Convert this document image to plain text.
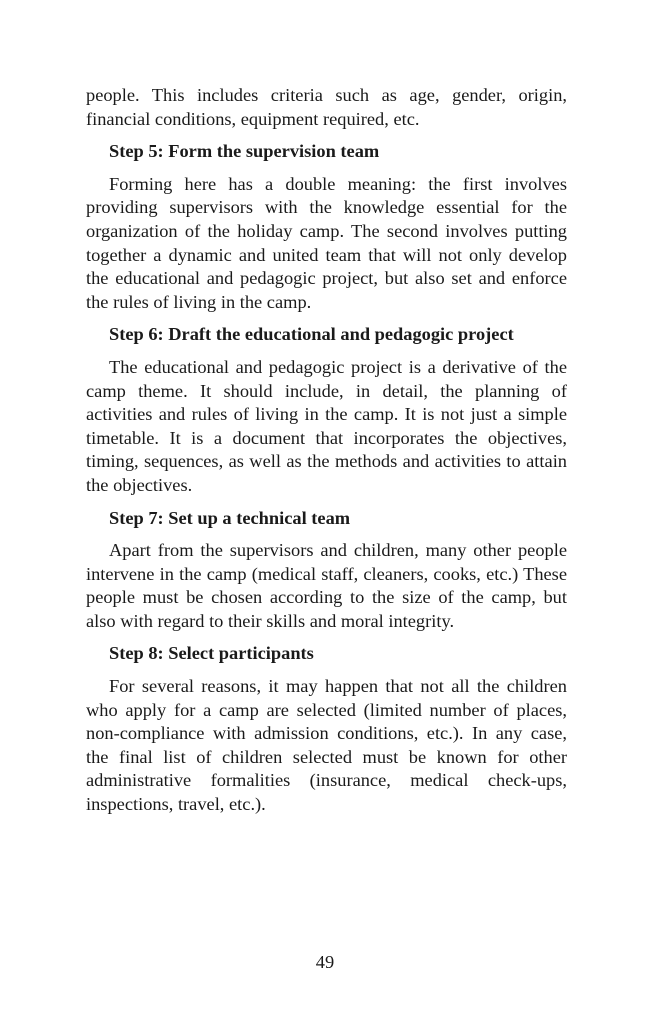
people. This includes criteria such as age, gender, origin, financial conditions, equipment required, etc.

Step 5: Form the supervision team

Forming here has a double meaning: the first involves providing supervisors with the knowledge essential for the organization of the holiday camp. The second involves putting together a dynamic and united team that will not only develop the educational and pedagogic project, but also set and enforce the rules of living in the camp.

Step 6: Draft the educational and pedagogic project

The educational and pedagogic project is a derivative of the camp theme. It should include, in detail, the planning of activities and rules of living in the camp. It is not just a simple timetable. It is a document that incorporates the objectives, timing, sequences, as well as the methods and activities to attain the objectives.

Step 7: Set up a technical team

Apart from the supervisors and children, many other people intervene in the camp (medical staff, cleaners, cooks, etc.) These people must be chosen according to the size of the camp, but also with regard to their skills and moral integrity.

Step 8: Select participants

For several reasons, it may happen that not all the children who apply for a camp are selected (limited number of places, non-compliance with admission conditions, etc.). In any case, the final list of children selected must be known for other administrative formalities (insurance, medical check-ups, inspections, travel, etc.).

49
